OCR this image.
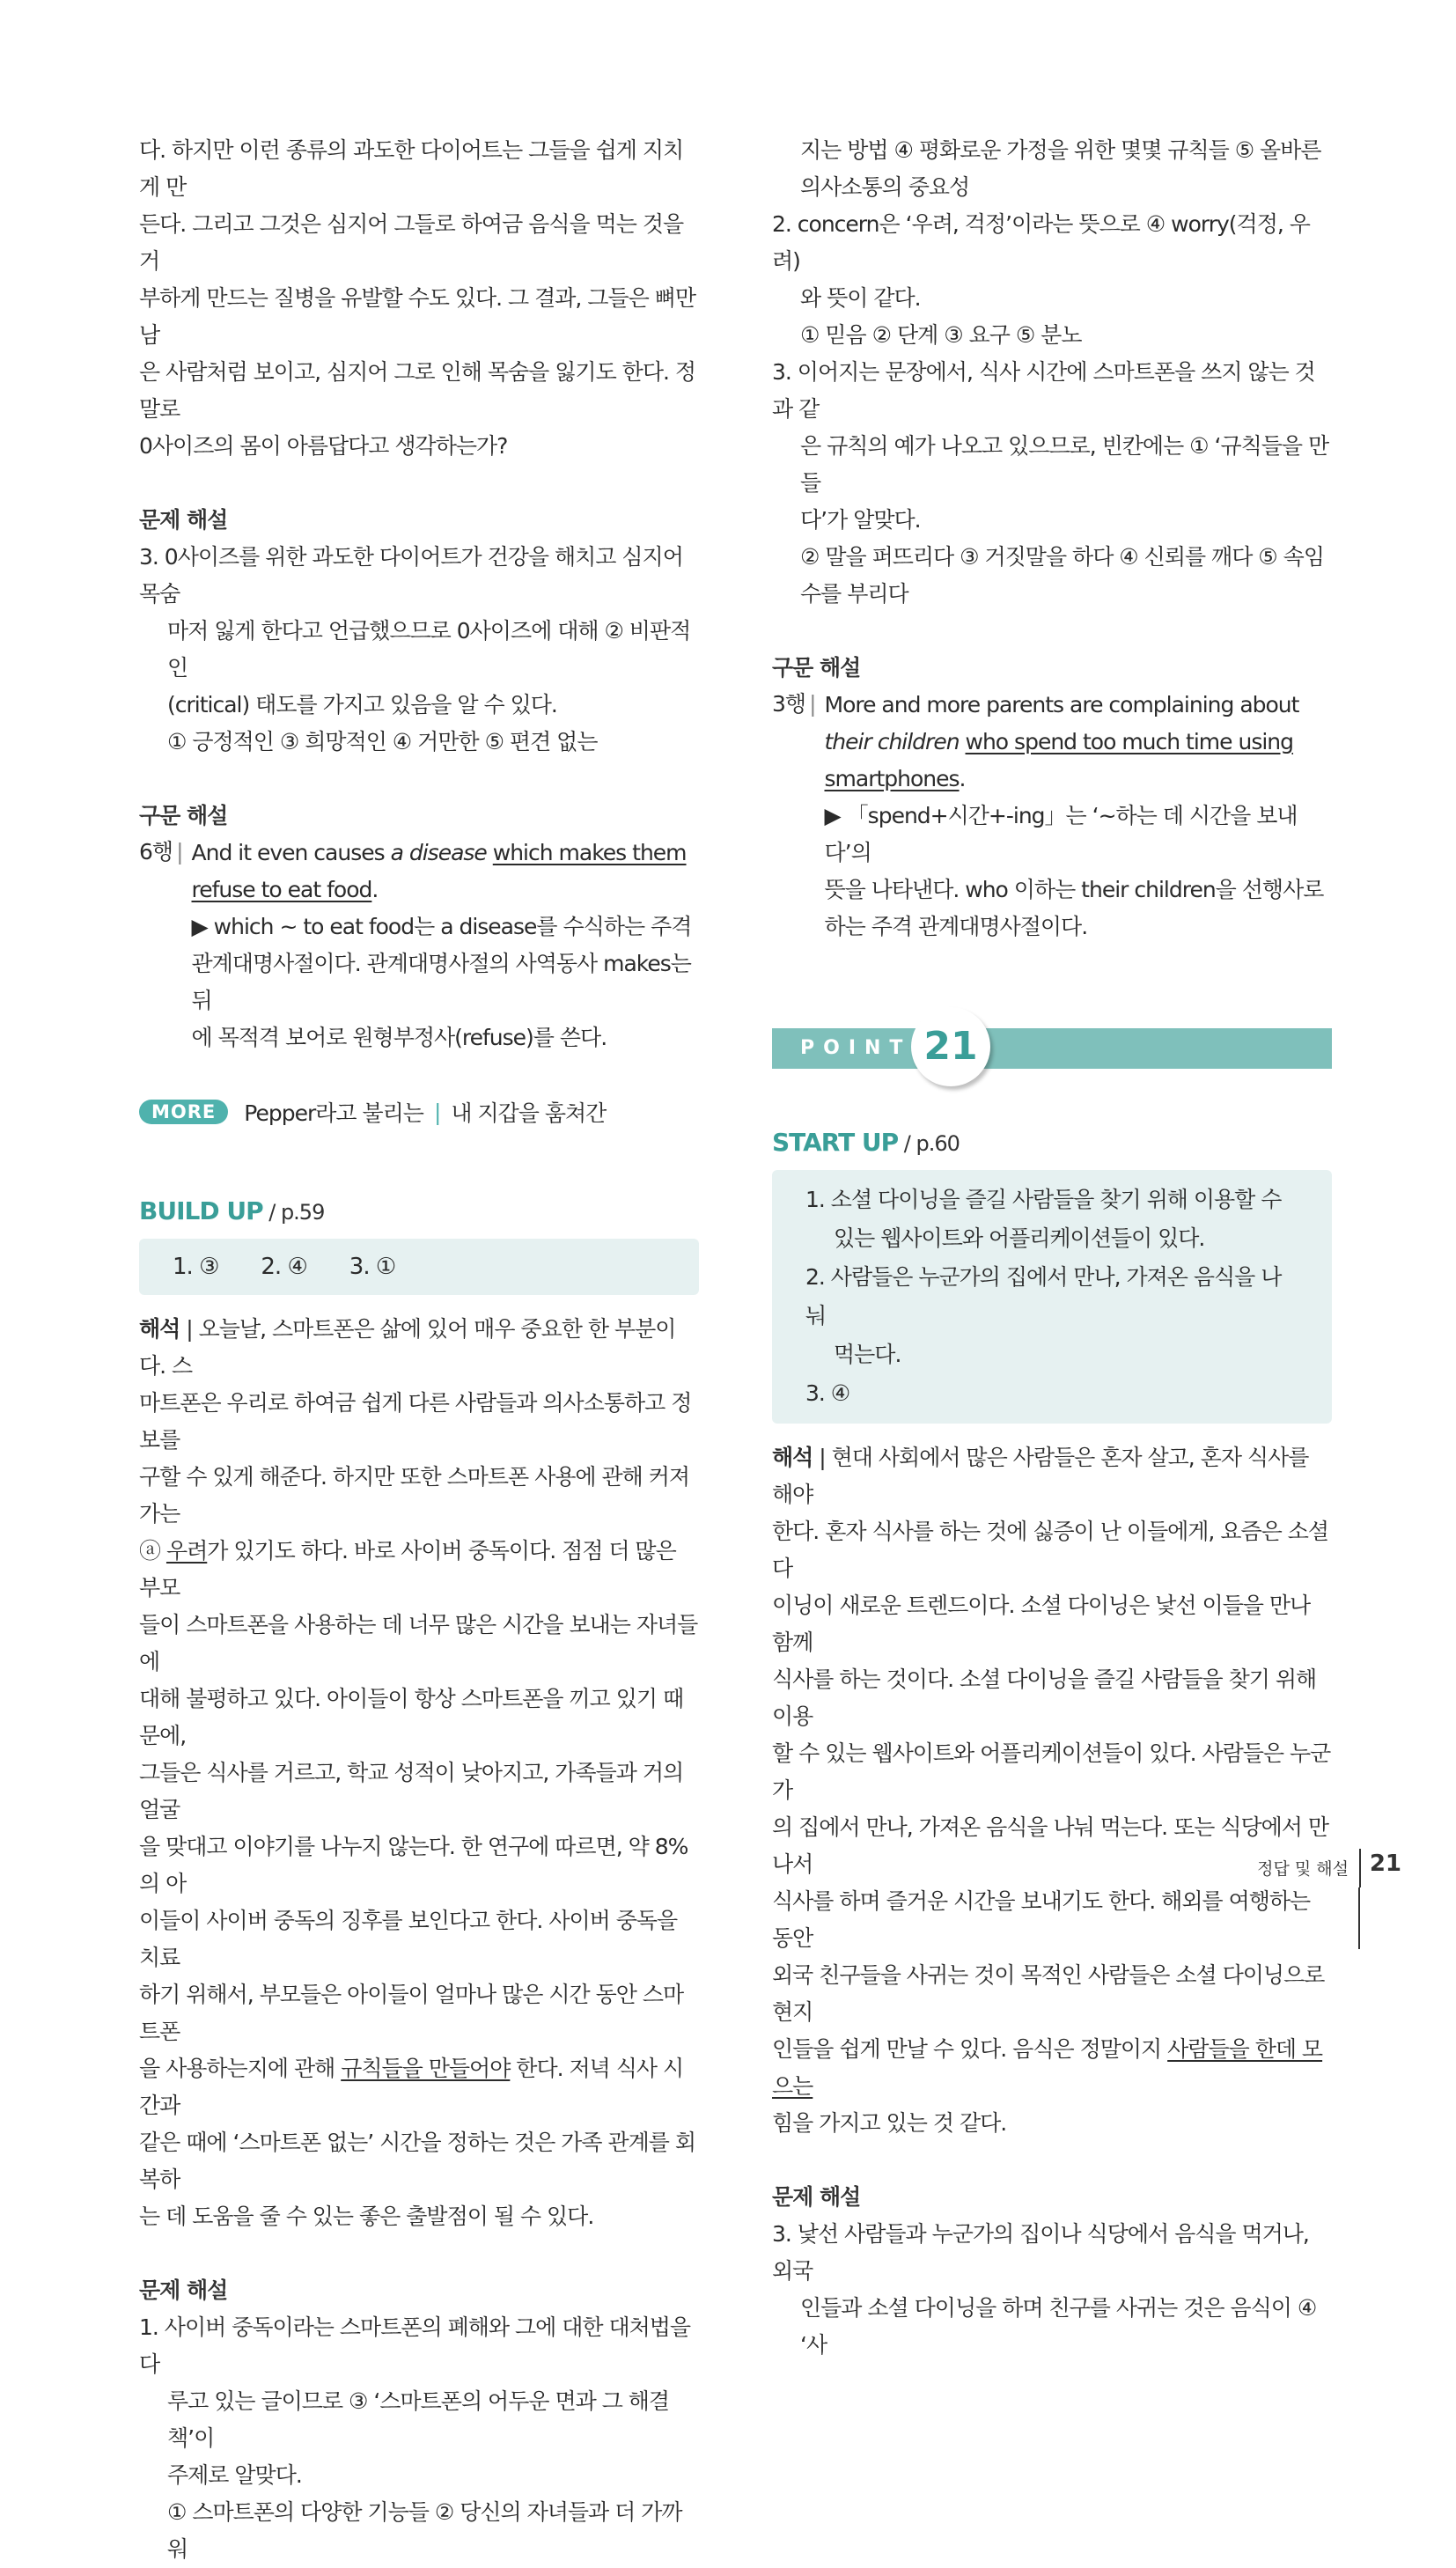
다. 하지만 이런 종류의 과도한 다이어트는 그들을 쉽게 지치게 만

든다. 그리고 그것은 심지어 그들로 하여금 음식을 먹는 것을 거

부하게 만드는 질병을 유발할 수도 있다. 그 결과, 그들은 뼈만 남

은 사람처럼 보이고, 심지어 그로 인해 목숨을 잃기도 한다. 정말로

0사이즈의 몸이 아름답다고 생각하는가?

문제 해설

3. 0사이즈를 위한 과도한 다이어트가 건강을 해치고 심지어 목숨

마저 잃게 한다고 언급했으므로 0사이즈에 대해 ② 비판적인

(critical) 태도를 가지고 있음을 알 수 있다.

① 긍정적인 ③ 희망적인 ④ 거만한 ⑤ 편견 없는

구문 해설

6행 | And it even causes a disease which makes them

refuse to eat food.

▶ which ~ to eat food는 a disease를 수식하는 주격

관계대명사절이다. 관계대명사절의 사역동사 makes는 뒤

에 목적격 보어로 원형부정사(refuse)를 쓴다.

MORE	Pepper라고 불리는 | 내 지갑을 훔쳐간
BUILD UP / p.59
1. ③ 2. ④ 3. ①

해석 | 오늘날, 스마트폰은 삶에 있어 매우 중요한 한 부분이다. 스

마트폰은 우리로 하여금 쉽게 다른 사람들과 의사소통하고 정보를

구할 수 있게 해준다. 하지만 또한 스마트폰 사용에 관해 커져 가는

ⓐ 우려가 있기도 하다. 바로 사이버 중독이다. 점점 더 많은 부모

들이 스마트폰을 사용하는 데 너무 많은 시간을 보내는 자녀들에

대해 불평하고 있다. 아이들이 항상 스마트폰을 끼고 있기 때문에,

그들은 식사를 거르고, 학교 성적이 낮아지고, 가족들과 거의 얼굴

을 맞대고 이야기를 나누지 않는다. 한 연구에 따르면, 약 8%의 아

이들이 사이버 중독의 징후를 보인다고 한다. 사이버 중독을 치료

하기 위해서, 부모들은 아이들이 얼마나 많은 시간 동안 스마트폰

을 사용하는지에 관해 규칙들을 만들어야 한다. 저녁 식사 시간과

같은 때에 ‘스마트폰 없는’ 시간을 정하는 것은 가족 관계를 회복하

는 데 도움을 줄 수 있는 좋은 출발점이 될 수 있다.

문제 해설

1. 사이버 중독이라는 스마트폰의 폐해와 그에 대한 대처법을 다

루고 있는 글이므로 ③ ‘스마트폰의 어두운 면과 그 해결책’이

주제로 알맞다.

① 스마트폰의 다양한 기능들 ② 당신의 자녀들과 더 가까워

지는 방법 ④ 평화로운 가정을 위한 몇몇 규칙들 ⑤ 올바른

의사소통의 중요성

2. concern은 ‘우려, 걱정’이라는 뜻으로 ④ worry(걱정, 우려)

와 뜻이 같다.

① 믿음 ② 단계 ③ 요구 ⑤ 분노

3. 이어지는 문장에서, 식사 시간에 스마트폰을 쓰지 않는 것과 같

은 규칙의 예가 나오고 있으므로, 빈칸에는 ① ‘규칙들을 만들

다’가 알맞다.

② 말을 퍼뜨리다 ③ 거짓말을 하다 ④ 신뢰를 깨다 ⑤ 속임

수를 부리다

구문 해설

3행 | More and more parents are complaining about

their children who spend too much time using

smartphones.

▶ 「spend+시간+-ing」는 ‘~하는 데 시간을 보내다’의

뜻을 나타낸다. who 이하는 their children을 선행사로

하는 주격 관계대명사절이다.

POINT 21
START UP / p.60

1. 소셜 다이닝을 즐길 사람들을 찾기 위해 이용할 수

있는 웹사이트와 어플리케이션들이 있다.

2. 사람들은 누군가의 집에서 만나, 가져온 음식을 나눠

먹는다.

3. ④

해석 | 현대 사회에서 많은 사람들은 혼자 살고, 혼자 식사를 해야

한다. 혼자 식사를 하는 것에 싫증이 난 이들에게, 요즘은 소셜 다

이닝이 새로운 트렌드이다. 소셜 다이닝은 낯선 이들을 만나 함께

식사를 하는 것이다. 소셜 다이닝을 즐길 사람들을 찾기 위해 이용

할 수 있는 웹사이트와 어플리케이션들이 있다. 사람들은 누군가

의 집에서 만나, 가져온 음식을 나눠 먹는다. 또는 식당에서 만나서

식사를 하며 즐거운 시간을 보내기도 한다. 해외를 여행하는 동안

외국 친구들을 사귀는 것이 목적인 사람들은 소셜 다이닝으로 현지

인들을 쉽게 만날 수 있다. 음식은 정말이지 사람들을 한데 모으는

힘을 가지고 있는 것 같다.

문제 해설

3. 낯선 사람들과 누군가의 집이나 식당에서 음식을 먹거나, 외국

인들과 소셜 다이닝을 하며 친구를 사귀는 것은 음식이 ④ ‘사

정답 및 해설 21
